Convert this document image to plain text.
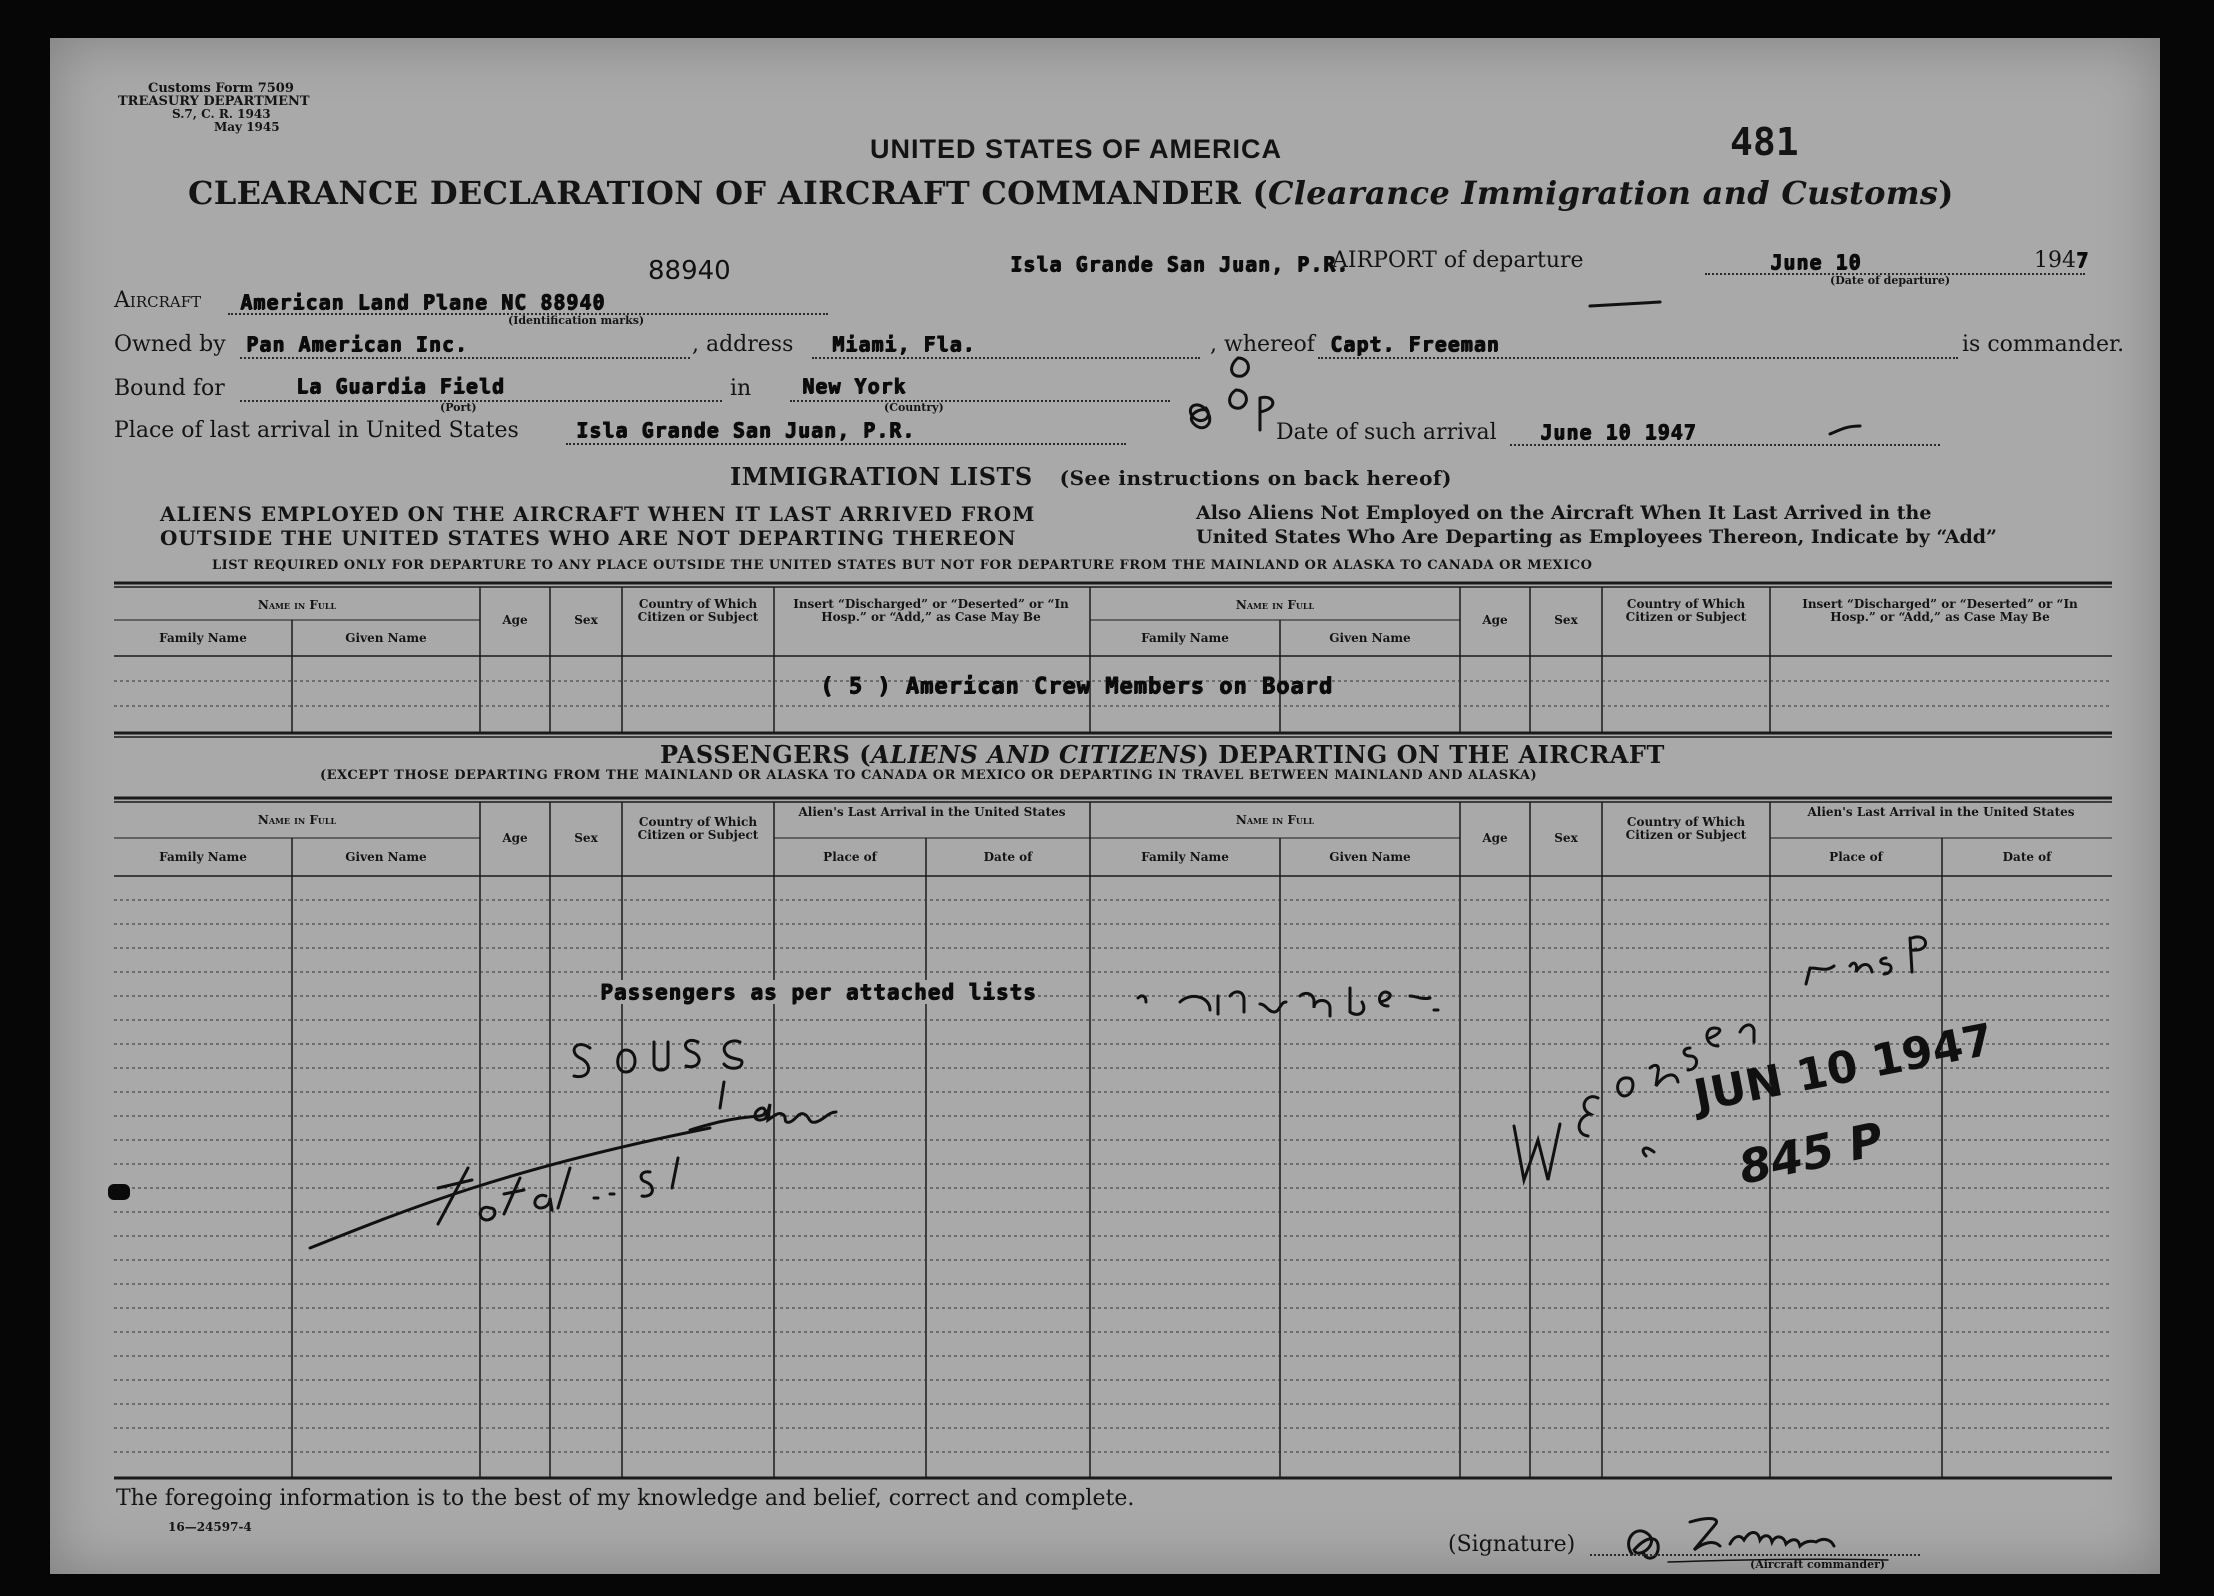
Customs Form 7509
TREASURY DEPARTMENT
S.7, C. R. 1943
May 1945
UNITED STATES OF AMERICA	481
CLEARANCE DECLARATION OF AIRCRAFT COMMANDER (Clearance Immigration and Customs)
Isla Grande San Juan, P.R.
AIRPORT of departure	June 10	1947
(Date of departure)
88940
Aircraft American Land Plane NC 88940
(Identification marks)
Owned by Pan American Inc.	, address Miami, Fla.	, whereof Capt. Freeman	is commander.
Bound for	La Guardia Field
(Port)
in	New York
(Country)
Place of last arrival in United States	Isla Grande San Juan, P.R.	Date of such arrival June 10 1947
IMMIGRATION LISTS (See instructions on back hereof)
ALIENS EMPLOYED ON THE AIRCRAFT WHEN IT LAST ARRIVED FROM
OUTSIDE THE UNITED STATES WHO ARE NOT DEPARTING THEREON
Also Aliens Not Employed on the Aircraft When It Last Arrived in the
United States Who Are Departing as Employees Thereon, Indicate by “Add”
LIST REQUIRED ONLY FOR DEPARTURE TO ANY PLACE OUTSIDE THE UNITED STATES BUT NOT FOR DEPARTURE FROM THE MAINLAND OR ALASKA TO CANADA OR MEXICO
Name in Full
Family Name	Given Name
Age	Sex
Country of Which Citizen or Subject
Insert “Discharged” or “Deserted” or “In Hosp.” or “Add,” as Case May Be
Name in Full
Family Name	Given Name
Age	Sex
Country of Which Citizen or Subject
Insert “Discharged” or “Deserted” or “In Hosp.” or “Add,” as Case May Be
( 5 ) American Crew Members on Board
PASSENGERS (ALIENS AND CITIZENS) DEPARTING ON THE AIRCRAFT
(EXCEPT THOSE DEPARTING FROM THE MAINLAND OR ALASKA TO CANADA OR MEXICO OR DEPARTING IN TRAVEL BETWEEN MAINLAND AND ALASKA)
Name in Full
Family Name	Given Name
Age	Sex
Country of Which Citizen or Subject
Alien's Last Arrival in the United States
Place of	Date of
Name in Full
Family Name	Given Name
Age	Sex
Country of Which Citizen or Subject
Alien's Last Arrival in the United States
Place of	Date of
Passengers as per attached lists
JUN 10 1947
845 P
The foregoing information is to the best of my knowledge and belief, correct and complete.
16—24597-4
(Signature)
(Aircraft commander)
